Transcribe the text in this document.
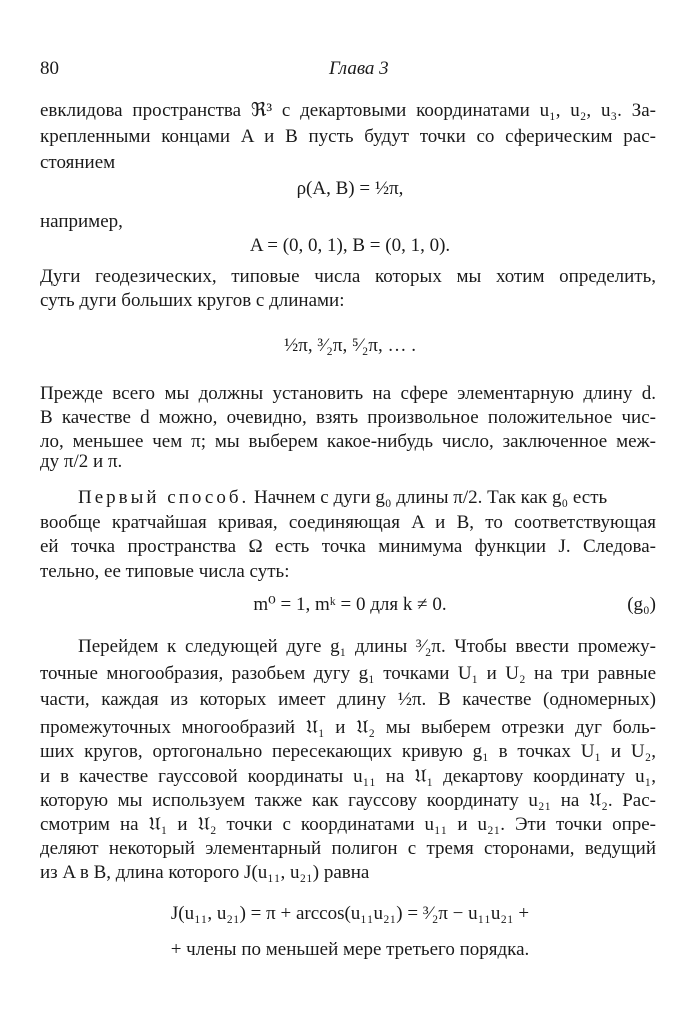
80	Глава 3
евклидова пространства ℜ³ с декартовыми координатами u₁, u₂, u₃. За-
крепленными концами A и B пусть будут точки со сферическим рас-
стоянием
ρ(A, B) = ½π,
например,
A = (0, 0, 1), B = (0, 1, 0).
Дуги геодезических, типовые числа которых мы хотим определить,
суть дуги больших кругов с длинами:
½π, ³⁄₂π, ⁵⁄₂π, … .
Прежде всего мы должны установить на сфере элементарную длину d.
В качестве d можно, очевидно, взять произвольное положительное чис-
ло, меньшее чем π; мы выберем какое-нибудь число, заключенное меж-
ду π/2 и π.
Первый способ. Начнем с дуги g₀ длины π/2. Так как g₀ есть
вообще кратчайшая кривая, соединяющая A и B, то соответствующая
ей точка пространства Ω есть точка минимума функции J. Следова-
тельно, ее типовые числа суть:
m⁰ = 1, mᵏ = 0 для k ≠ 0.	(g₀)
Перейдем к следующей дуге g₁ длины ³⁄₂π. Чтобы ввести промежу-
точные многообразия, разобьем дугу g₁ точками U₁ и U₂ на три равные
части, каждая из которых имеет длину ½π. В качестве (одномерных)
промежуточных многообразий 𝔘₁ и 𝔘₂ мы выберем отрезки дуг боль-
ших кругов, ортогонально пересекающих кривую g₁ в точках U₁ и U₂,
и в качестве гауссовой координаты u₁₁ на 𝔘₁ декартову координату u₁,
которую мы используем также как гауссову координату u₂₁ на 𝔘₂. Рас-
смотрим на 𝔘₁ и 𝔘₂ точки с координатами u₁₁ и u₂₁. Эти точки опре-
деляют некоторый элементарный полигон с тремя сторонами, ведущий
из A в B, длина которого J(u₁₁, u₂₁) равна
J(u₁₁, u₂₁) = π + arccos(u₁₁u₂₁) = ³⁄₂π − u₁₁u₂₁ +
+ члены по меньшей мере третьего порядка.
